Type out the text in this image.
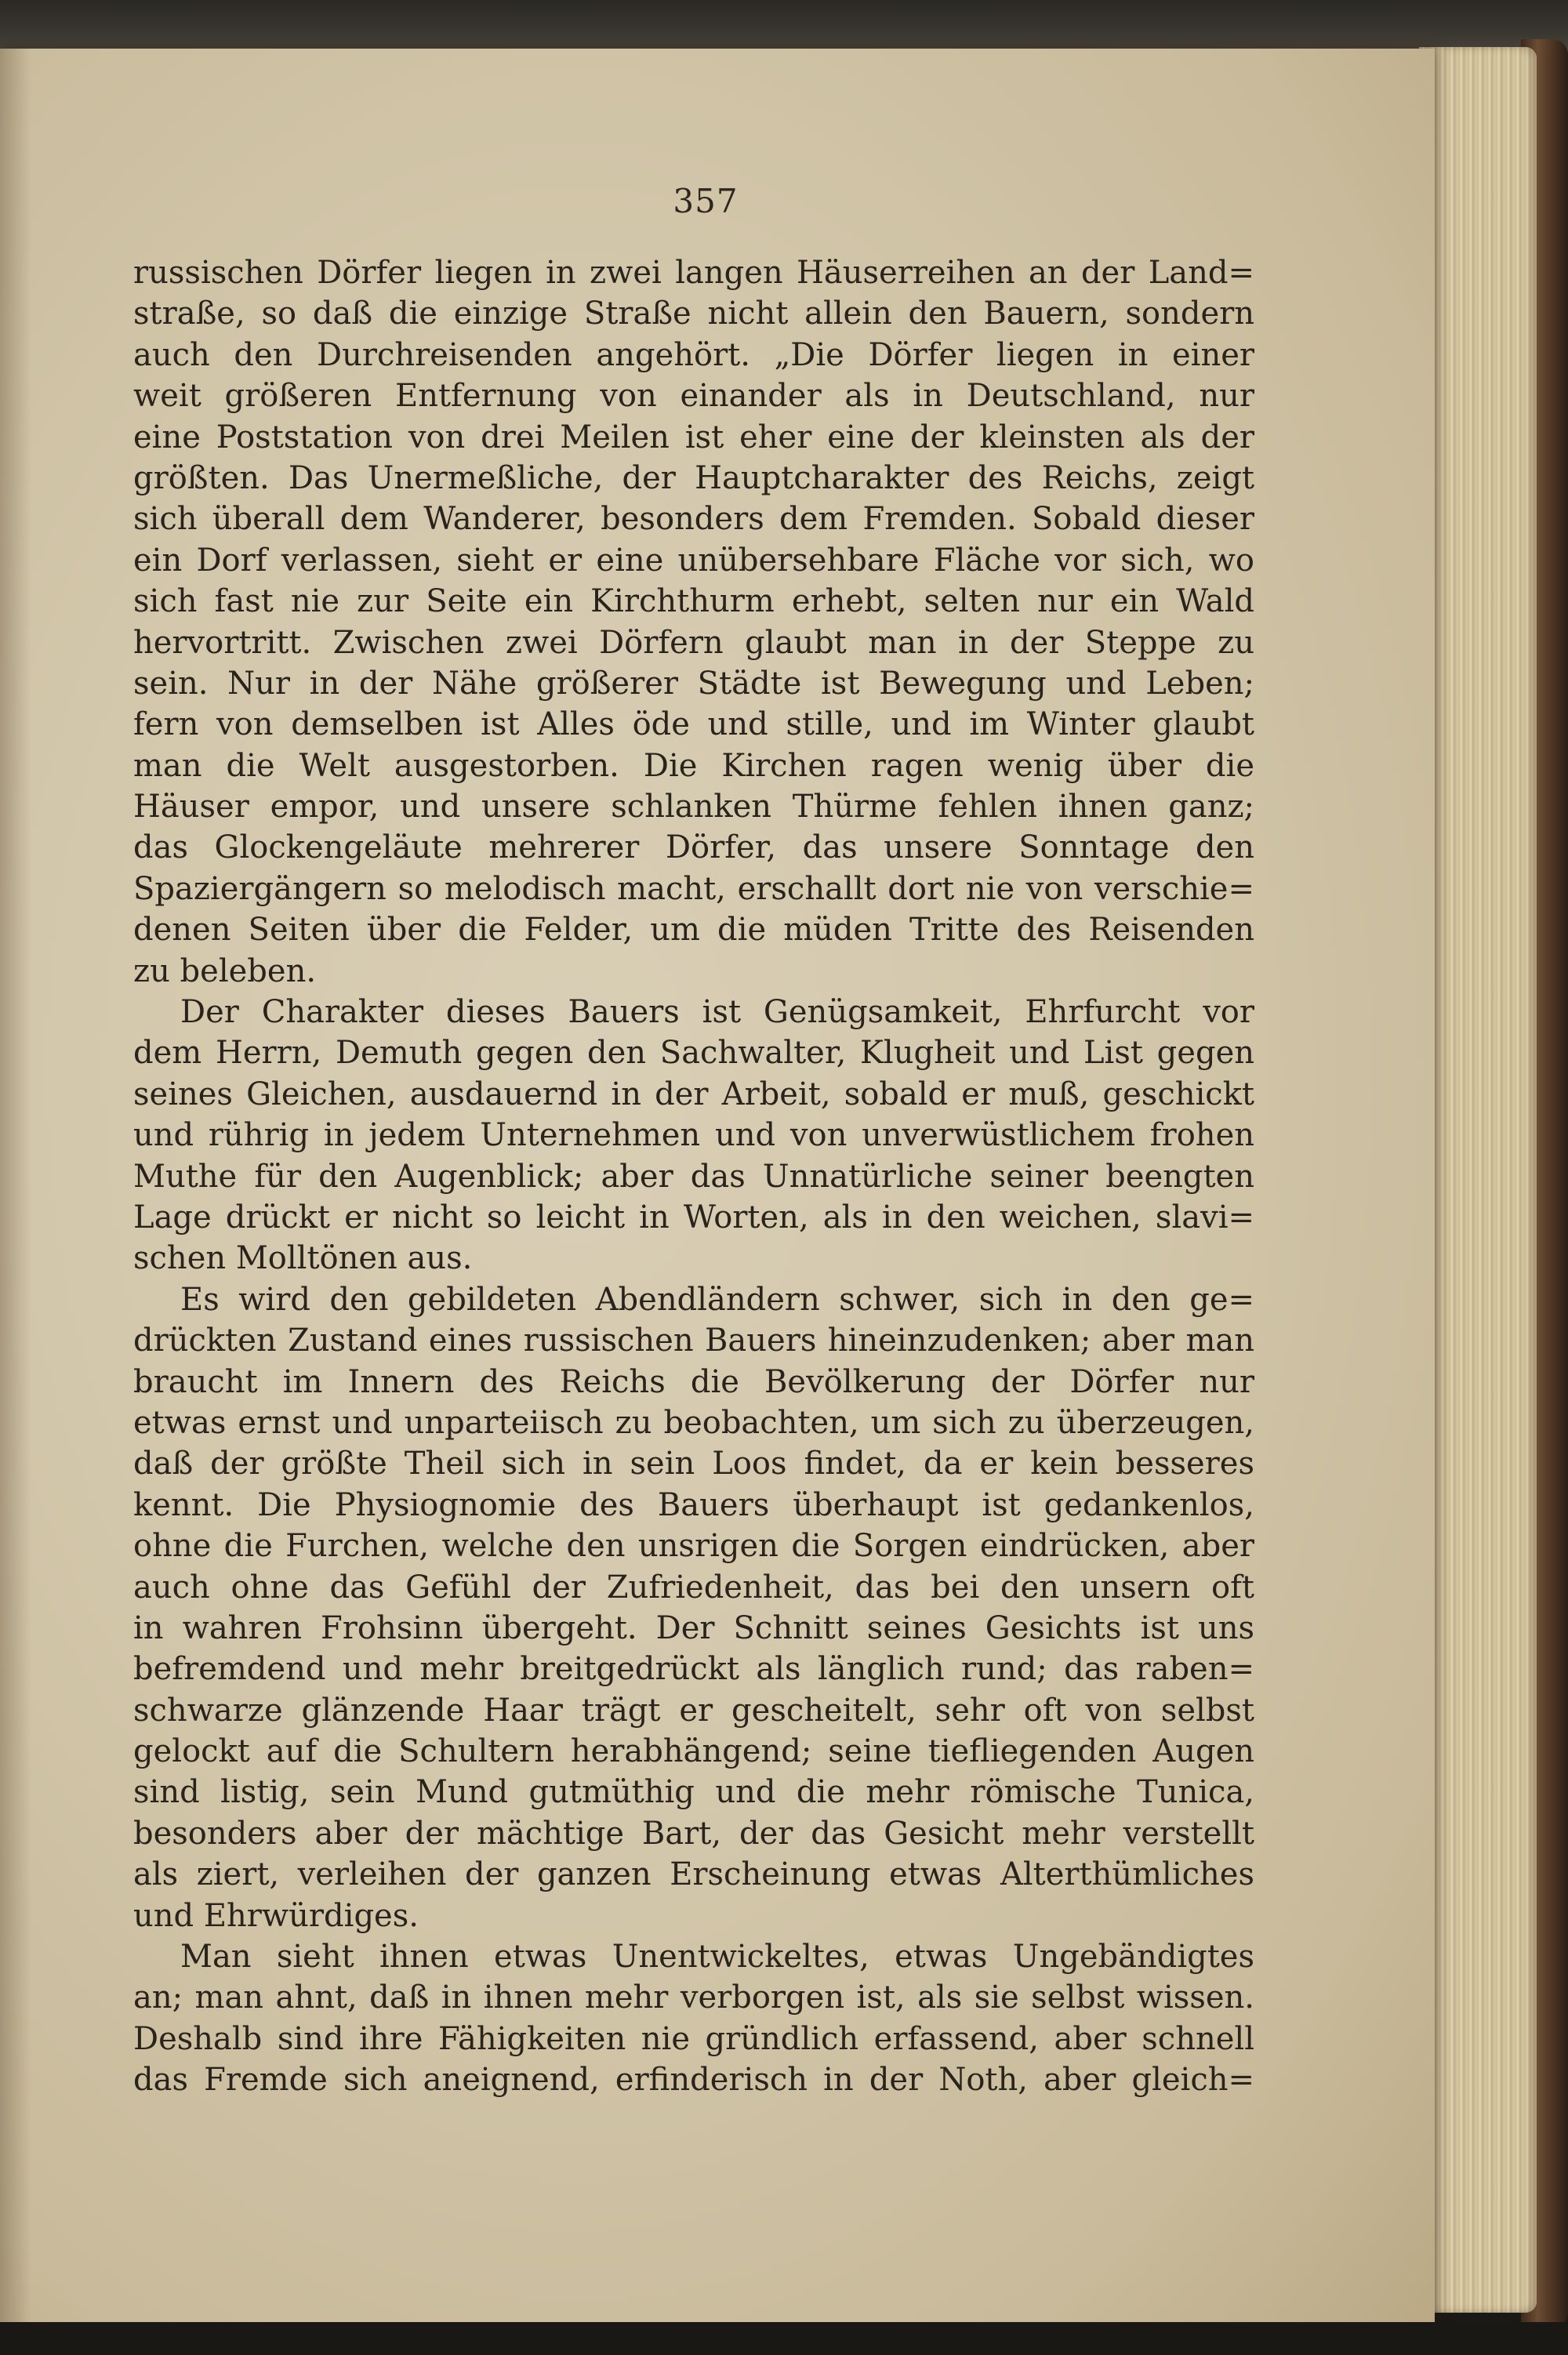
357
russischen Dörfer liegen in zwei langen Häuserreihen an der Land=
straße, so daß die einzige Straße nicht allein den Bauern, sondern
auch den Durchreisenden angehört. „Die Dörfer liegen in einer
weit größeren Entfernung von einander als in Deutschland, nur
eine Poststation von drei Meilen ist eher eine der kleinsten als der
größten. Das Unermeßliche, der Hauptcharakter des Reichs, zeigt
sich überall dem Wanderer, besonders dem Fremden. Sobald dieser
ein Dorf verlassen, sieht er eine unübersehbare Fläche vor sich, wo
sich fast nie zur Seite ein Kirchthurm erhebt, selten nur ein Wald
hervortritt. Zwischen zwei Dörfern glaubt man in der Steppe zu
sein. Nur in der Nähe größerer Städte ist Bewegung und Leben;
fern von demselben ist Alles öde und stille, und im Winter glaubt
man die Welt ausgestorben. Die Kirchen ragen wenig über die
Häuser empor, und unsere schlanken Thürme fehlen ihnen ganz;
das Glockengeläute mehrerer Dörfer, das unsere Sonntage den
Spaziergängern so melodisch macht, erschallt dort nie von verschie=
denen Seiten über die Felder, um die müden Tritte des Reisenden
zu beleben.
Der Charakter dieses Bauers ist Genügsamkeit, Ehrfurcht vor
dem Herrn, Demuth gegen den Sachwalter, Klugheit und List gegen
seines Gleichen, ausdauernd in der Arbeit, sobald er muß, geschickt
und rührig in jedem Unternehmen und von unverwüstlichem frohen
Muthe für den Augenblick; aber das Unnatürliche seiner beengten
Lage drückt er nicht so leicht in Worten, als in den weichen, slavi=
schen Molltönen aus.
Es wird den gebildeten Abendländern schwer, sich in den ge=
drückten Zustand eines russischen Bauers hineinzudenken; aber man
braucht im Innern des Reichs die Bevölkerung der Dörfer nur
etwas ernst und unparteiisch zu beobachten, um sich zu überzeugen,
daß der größte Theil sich in sein Loos findet, da er kein besseres
kennt. Die Physiognomie des Bauers überhaupt ist gedankenlos,
ohne die Furchen, welche den unsrigen die Sorgen eindrücken, aber
auch ohne das Gefühl der Zufriedenheit, das bei den unsern oft
in wahren Frohsinn übergeht. Der Schnitt seines Gesichts ist uns
befremdend und mehr breitgedrückt als länglich rund; das raben=
schwarze glänzende Haar trägt er gescheitelt, sehr oft von selbst
gelockt auf die Schultern herabhängend; seine tiefliegenden Augen
sind listig, sein Mund gutmüthig und die mehr römische Tunica,
besonders aber der mächtige Bart, der das Gesicht mehr verstellt
als ziert, verleihen der ganzen Erscheinung etwas Alterthümliches
und Ehrwürdiges.
Man sieht ihnen etwas Unentwickeltes, etwas Ungebändigtes
an; man ahnt, daß in ihnen mehr verborgen ist, als sie selbst wissen.
Deshalb sind ihre Fähigkeiten nie gründlich erfassend, aber schnell
das Fremde sich aneignend, erfinderisch in der Noth, aber gleich=
